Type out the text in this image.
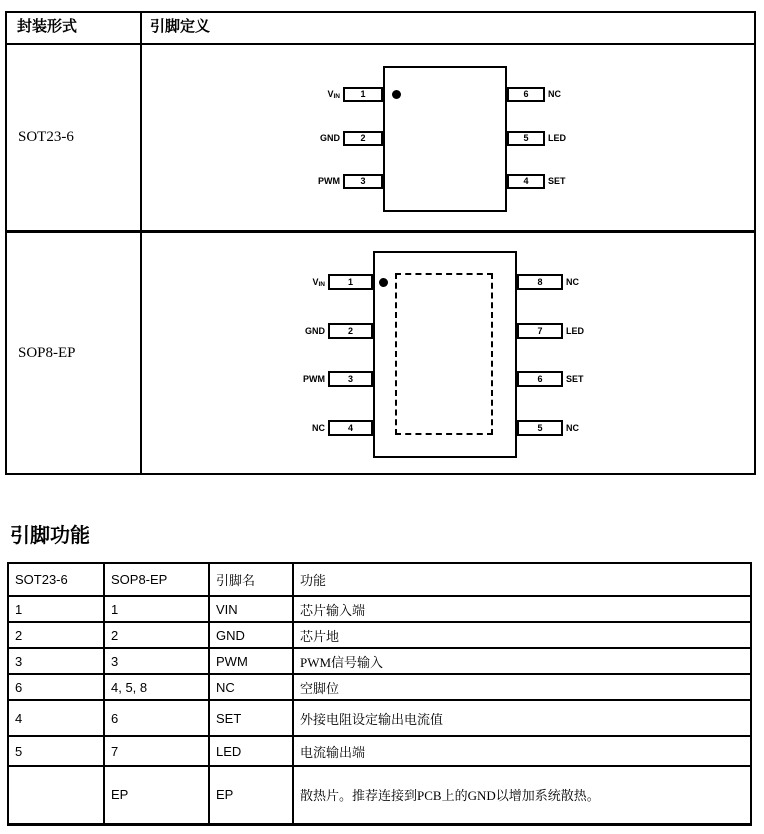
封装形式	引脚定义
SOT23-6
1
2
3
VIN
GND
PWM
6
5
4
NC
LED
SET
SOP8-EP
1
2
3
4
VIN
GND
PWM
NC
8
7
6
5
NC
LED
SET
NC
引脚功能
SOT23-6	SOP8-EP	引脚名	功能
1	1	VIN	芯片输入端
2	2	GND	芯片地
3	3	PWM	PWM信号输入
6	4, 5, 8	NC	空脚位
4	6	SET	外接电阻设定输出电流值
5	7	LED	电流输出端
	EP	EP	散热片。推荐连接到PCB上的GND以增加系统散热。
